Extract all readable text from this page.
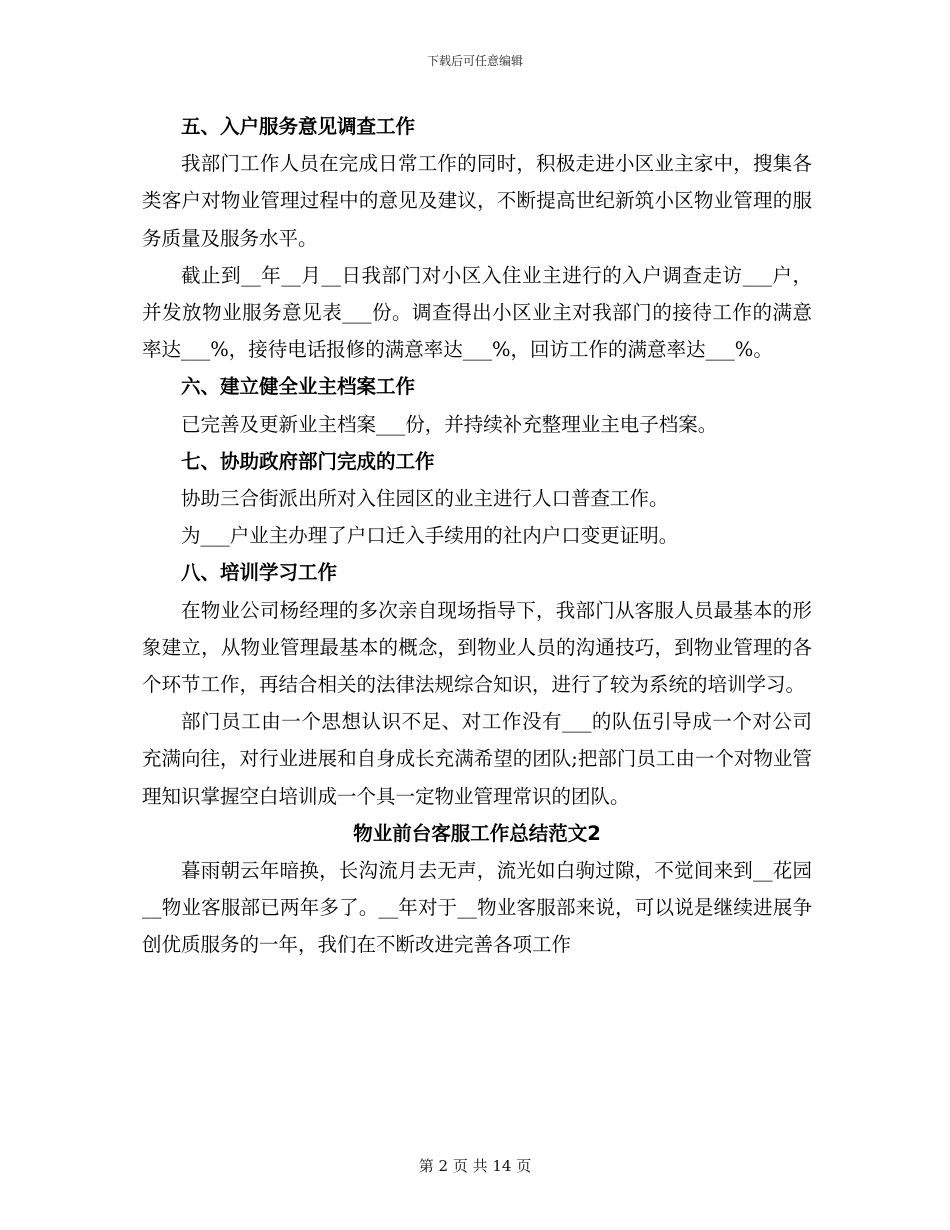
下载后可任意编辑
五、入户服务意见调查工作

我部门工作人员在完成日常工作的同时，积极走进小区业主家中，搜集各类客户对物业管理过程中的意见及建议，不断提高世纪新筑小区物业管理的服务质量及服务水平。

截止到__年__月__日我部门对小区入住业主进行的入户调查走访___户，并发放物业服务意见表___份。调查得出小区业主对我部门的接待工作的满意率达___%，接待电话报修的满意率达___%，回访工作的满意率达___%。

六、建立健全业主档案工作

已完善及更新业主档案___份，并持续补充整理业主电子档案。

七、协助政府部门完成的工作

协助三合街派出所对入住园区的业主进行人口普查工作。

为___户业主办理了户口迁入手续用的社内户口变更证明。

八、培训学习工作

在物业公司杨经理的多次亲自现场指导下，我部门从客服人员最基本的形象建立，从物业管理最基本的概念，到物业人员的沟通技巧，到物业管理的各个环节工作，再结合相关的法律法规综合知识，进行了较为系统的培训学习。

部门员工由一个思想认识不足、对工作没有___的队伍引导成一个对公司充满向往，对行业进展和自身成长充满希望的团队;把部门员工由一个对物业管理知识掌握空白培训成一个具一定物业管理常识的团队。

物业前台客服工作总结范文2

暮雨朝云年暗换，长沟流月去无声，流光如白驹过隙，不觉间来到__花园__物业客服部已两年多了。__年对于__物业客服部来说，可以说是继续进展争创优质服务的一年，我们在不断改进完善各项工作

第 2 页 共 14 页
